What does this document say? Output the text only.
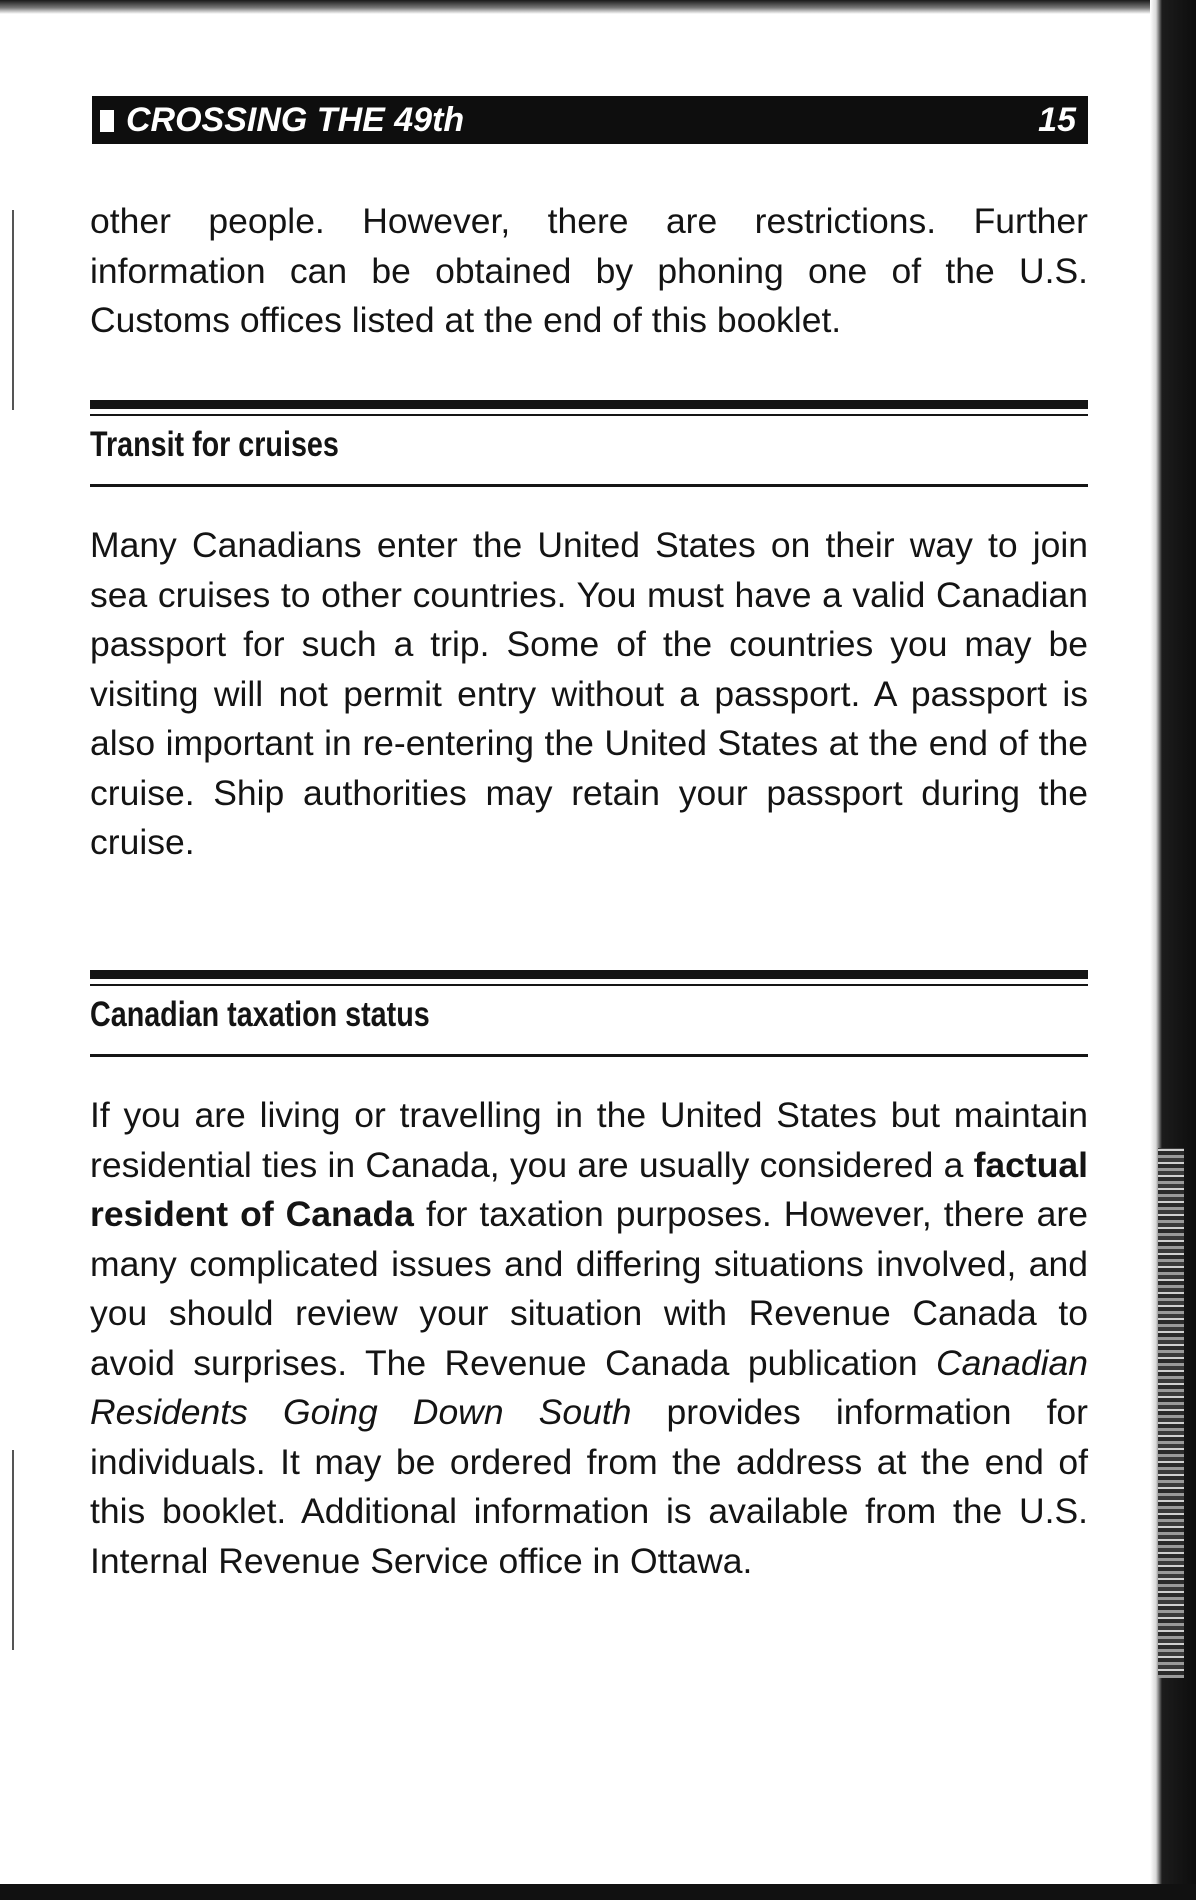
CROSSING THE 49th	15

other people. However, there are restrictions. Further information can be obtained by phoning one of the U.S. Customs offices listed at the end of this booklet.

Transit for cruises

Many Canadians enter the United States on their way to join sea cruises to other countries. You must have a valid Canadian passport for such a trip. Some of the countries you may be visiting will not permit entry without a passport. A passport is also important in re-entering the United States at the end of the cruise. Ship authorities may retain your passport during the cruise.

Canadian taxation status

If you are living or travelling in the United States but maintain residential ties in Canada, you are usually considered a factual resident of Canada for taxation purposes. However, there are many complicated issues and differing situations involved, and you should review your situation with Revenue Canada to avoid surprises. The Revenue Canada publication Canadian Residents Going Down South provides information for individuals. It may be ordered from the address at the end of this booklet. Additional information is available from the U.S. Internal Revenue Service office in Ottawa.
